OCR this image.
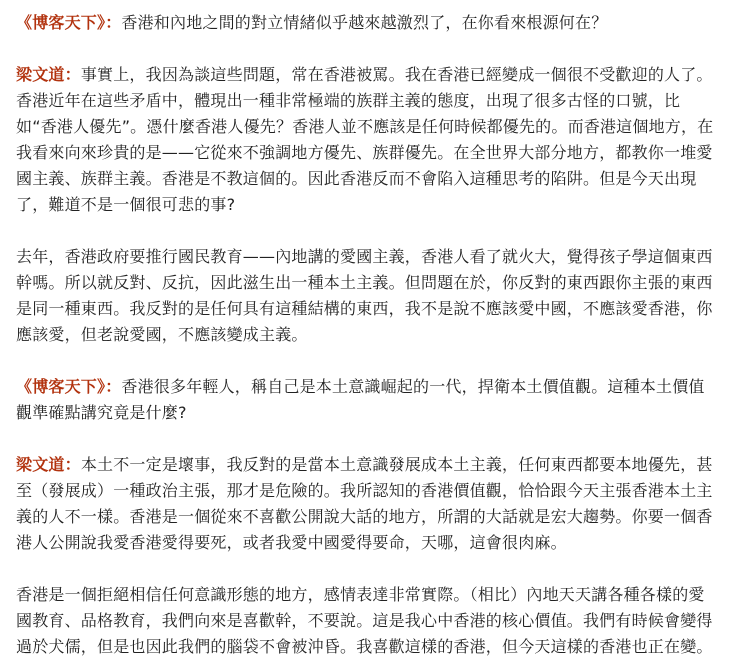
《博客天下》：香港和內地之間的對立情緒似乎越來越激烈了，在你看來根源何在？

梁文道：事實上，我因為談這些問題，常在香港被罵。我在香港已經變成一個很不受歡迎的人了。香港近年在這些矛盾中，體現出一種非常極端的族群主義的態度，出現了很多古怪的口號，比如“香港人優先”。憑什麼香港人優先？香港人並不應該是任何時候都優先的。而香港這個地方，在我看來向來珍貴的是——它從來不強調地方優先、族群優先。在全世界大部分地方，都教你一堆愛國主義、族群主義。香港是不教這個的。因此香港反而不會陷入這種思考的陷阱。但是今天出現了，難道不是一個很可悲的事?

去年，香港政府要推行國民教育——內地講的愛國主義，香港人看了就火大，覺得孩子學這個東西幹嗎。所以就反對、反抗，因此滋生出一種本土主義。但問題在於，你反對的東西跟你主張的東西是同一種東西。我反對的是任何具有這種結構的東西，我不是說不應該愛中國，不應該愛香港，你應該愛，但老說愛國，不應該變成主義。

《博客天下》：香港很多年輕人，稱自己是本土意識崛起的一代，捍衛本土價值觀。這種本土價值觀準確點講究竟是什麼?

梁文道：本土不一定是壞事，我反對的是當本土意識發展成本土主義，任何東西都要本地優先，甚至（發展成）一種政治主張，那才是危險的。我所認知的香港價值觀，恰恰跟今天主張香港本土主義的人不一樣。香港是一個從來不喜歡公開說大話的地方，所謂的大話就是宏大趨勢。你要一個香港人公開說我愛香港愛得要死，或者我愛中國愛得要命，天哪，這會很肉麻。

香港是一個拒絕相信任何意識形態的地方，感情表達非常實際。（相比）內地天天講各種各樣的愛國教育、品格教育，我們向來是喜歡幹，不要說。這是我心中香港的核心價值。我們有時候會變得過於犬儒，但是也因此我們的腦袋不會被沖昏。我喜歡這樣的香港，但今天這樣的香港也正在變。
